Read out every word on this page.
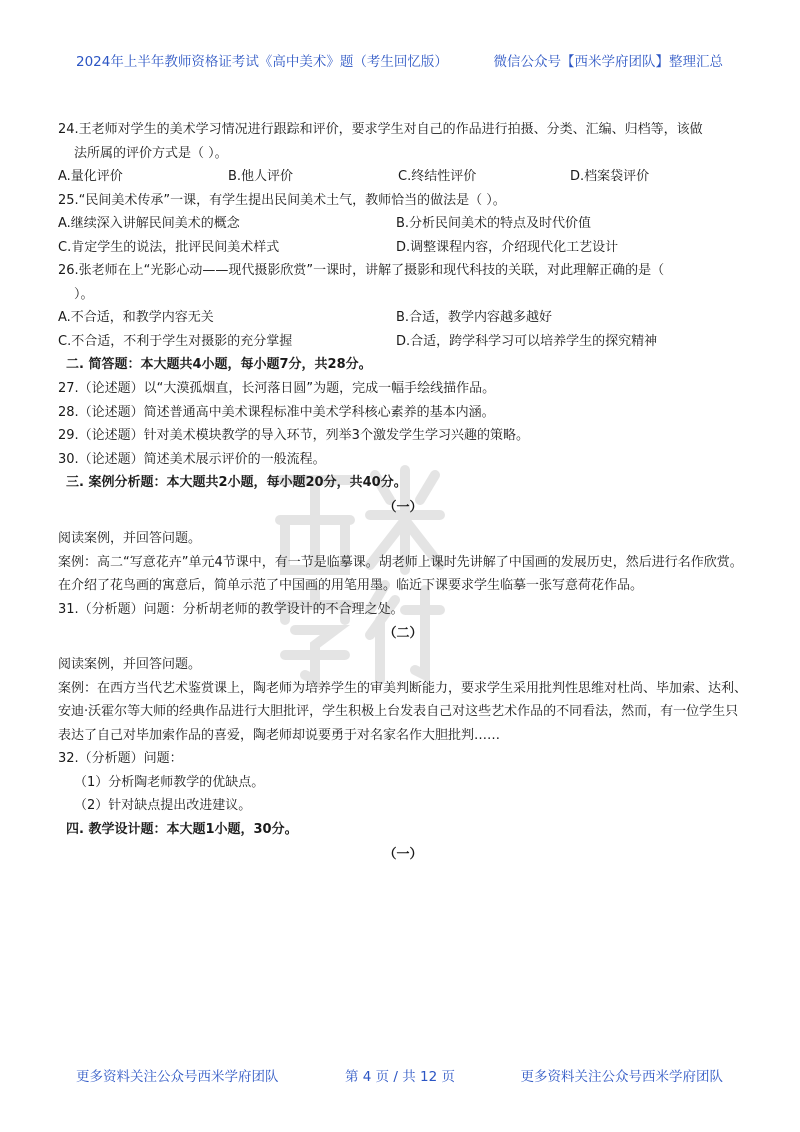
2024年上半年教师资格证考试《高中美术》题（考生回忆版）	微信公众号【西米学府团队】整理汇总
24.王老师对学生的美术学习情况进行跟踪和评价，要求学生对自己的作品进行拍摄、分类、汇编、归档等，该做
法所属的评价方式是（ ）。
A.量化评价	B.他人评价	C.终结性评价	D.档案袋评价
25.“民间美术传承”一课，有学生提出民间美术土气，教师恰当的做法是（ ）。
A.继续深入讲解民间美术的概念	B.分析民间美术的特点及时代价值
C.肯定学生的说法，批评民间美术样式	D.调整课程内容，介绍现代化工艺设计
26.张老师在上“光影心动——现代摄影欣赏”一课时，讲解了摄影和现代科技的关联，对此理解正确的是（
）。
A.不合适，和教学内容无关	B.合适，教学内容越多越好
C.不合适，不利于学生对摄影的充分掌握	D.合适，跨学科学习可以培养学生的探究精神
二. 简答题：本大题共4小题，每小题7分，共28分。
27.（论述题）以“大漠孤烟直，长河落日圆”为题，完成一幅手绘线描作品。
28.（论述题）简述普通高中美术课程标准中美术学科核心素养的基本内涵。
29.（论述题）针对美术模块教学的导入环节，列举3个激发学生学习兴趣的策略。
30.（论述题）简述美术展示评价的一般流程。
三. 案例分析题：本大题共2小题，每小题20分，共40分。
（一）
阅读案例，并回答问题。
案例：高二“写意花卉”单元4节课中，有一节是临摹课。胡老师上课时先讲解了中国画的发展历史，然后进行名作欣赏。在介绍了花鸟画的寓意后，简单示范了中国画的用笔用墨。临近下课要求学生临摹一张写意荷花作品。
31.（分析题）问题：分析胡老师的教学设计的不合理之处。
（二）
阅读案例，并回答问题。
案例：在西方当代艺术鉴赏课上，陶老师为培养学生的审美判断能力，要求学生采用批判性思维对杜尚、毕加索、达利、安迪·沃霍尔等大师的经典作品进行大胆批评，学生积极上台发表自己对这些艺术作品的不同看法，然而，有一位学生只表达了自己对毕加索作品的喜爱，陶老师却说要勇于对名家名作大胆批判……
32.（分析题）问题：
（1）分析陶老师教学的优缺点。
（2）针对缺点提出改进建议。
四. 教学设计题：本大题1小题，30分。
（一）
更多资料关注公众号西米学府团队	第 4 页 / 共 12 页	更多资料关注公众号西米学府团队
